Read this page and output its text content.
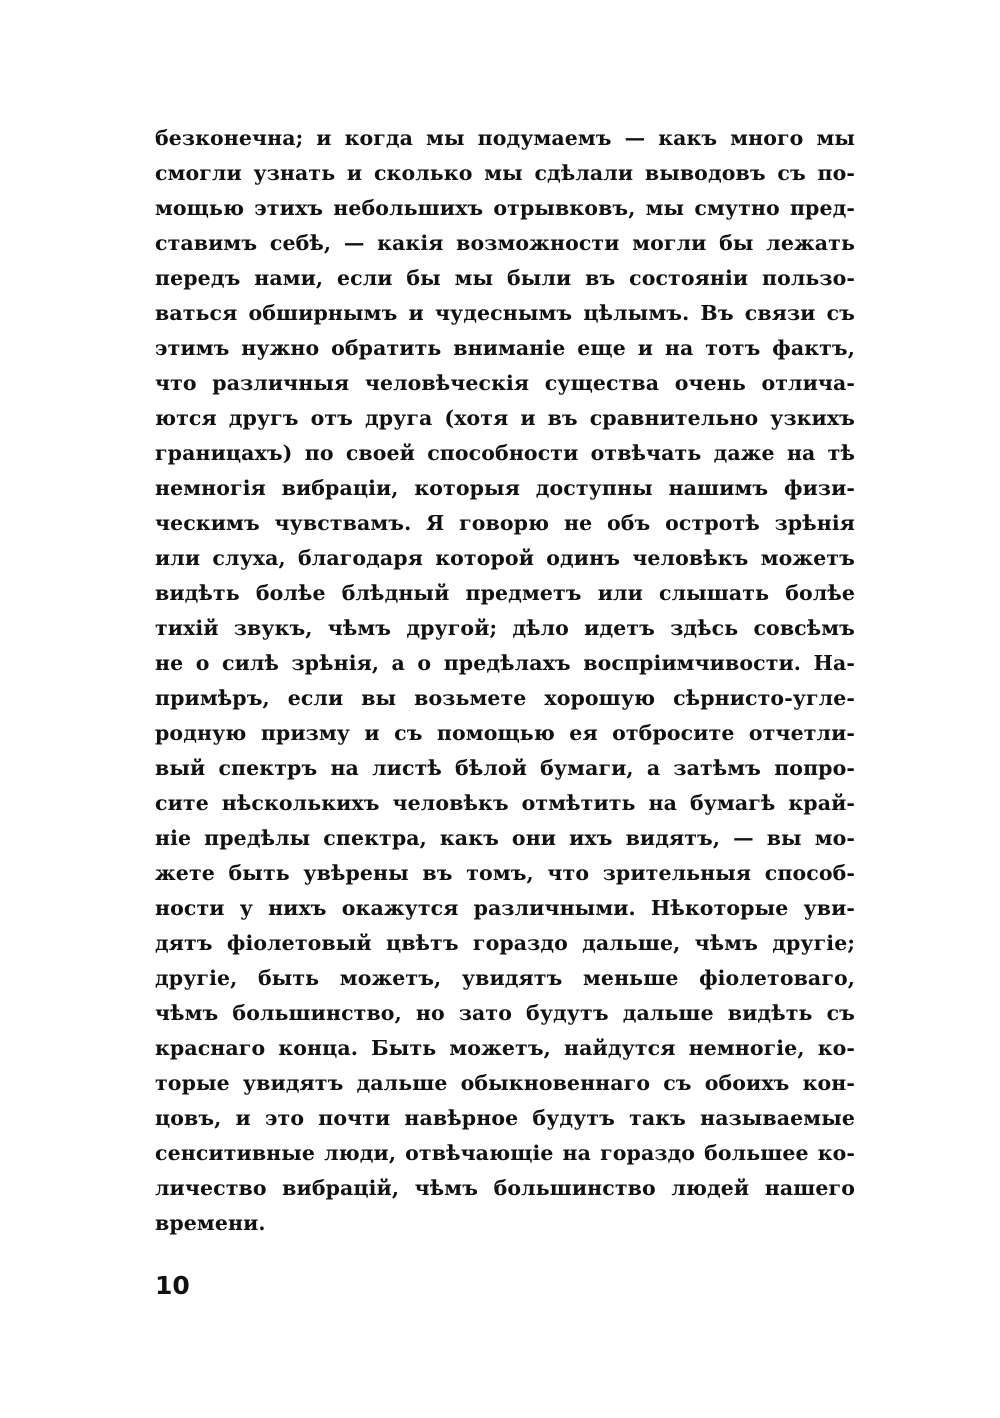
безконечна; и когда мы подумаемъ — какъ много мы
смогли узнать и сколько мы сдѣлали выводовъ съ по-
мощью этихъ небольшихъ отрывковъ, мы смутно пред-
ставимъ себѣ, — какія возможности могли бы лежать
передъ нами, если бы мы были въ состояніи пользо-
ваться обширнымъ и чудеснымъ цѣлымъ. Въ связи съ
этимъ нужно обратить вниманіе еще и на тотъ фактъ,
что различныя человѣческія существа очень отлича-
ются другъ отъ друга (хотя и въ сравнительно узкихъ
границахъ) по своей способности отвѣчать даже на тѣ
немногія вибраціи, которыя доступны нашимъ физи-
ческимъ чувствамъ. Я говорю не объ остротѣ зрѣнія
или слуха, благодаря которой одинъ человѣкъ можетъ
видѣть болѣе блѣдный предметъ или слышать болѣе
тихій звукъ, чѣмъ другой; дѣло идетъ здѣсь совсѣмъ
не о силѣ зрѣнія, а о предѣлахъ воспріимчивости. На-
примѣръ, если вы возьмете хорошую сѣрнисто-угле-
родную призму и съ помощью ея отбросите отчетли-
вый спектръ на листѣ бѣлой бумаги, а затѣмъ попро-
сите нѣсколькихъ человѣкъ отмѣтить на бумагѣ край-
ніе предѣлы спектра, какъ они ихъ видятъ, — вы мо-
жете быть увѣрены въ томъ, что зрительныя способ-
ности у нихъ окажутся различными. Нѣкоторые уви-
дятъ фіолетовый цвѣтъ гораздо дальше, чѣмъ другіе;
другіе, быть можетъ, увидятъ меньше фіолетоваго,
чѣмъ большинство, но зато будутъ дальше видѣть съ
краснаго конца. Быть можетъ, найдутся немногіе, ко-
торые увидятъ дальше обыкновеннаго съ обоихъ кон-
цовъ, и это почти навѣрное будутъ такъ называемые
сенситивные люди, отвѣчающіе на гораздо большее ко-
личество вибрацій, чѣмъ большинство людей нашего
времени.
10
